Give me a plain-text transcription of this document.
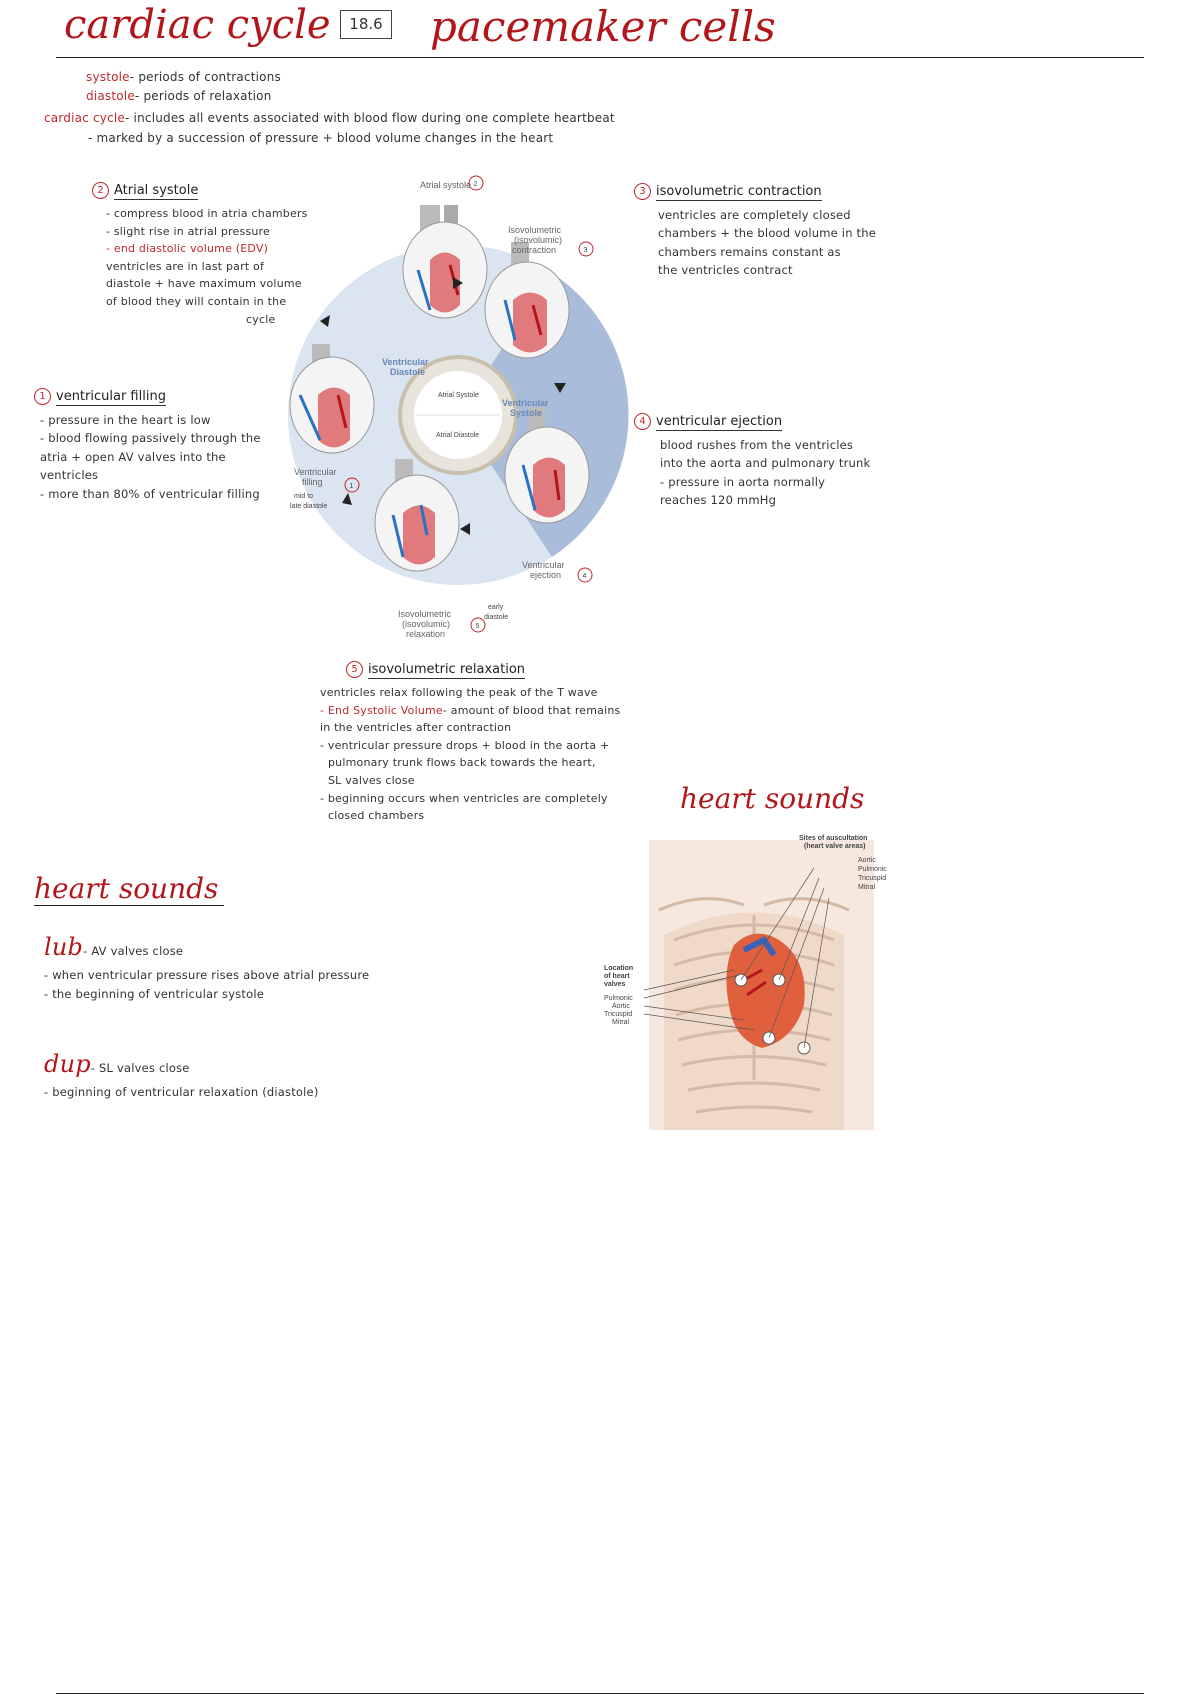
cardiac cycle	18.6 pacemaker cells
systole- periods of contractions
diastole- periods of relaxation
cardiac cycle- includes all events associated with blood flow during one complete heartbeat
- marked by a succession of pressure + blood volume changes in the heart
2 Atrial systole
- compress blood in atria chambers
- slight rise in atrial pressure
- end diastolic volume (EDV)
ventricles are in last part of
diastole + have maximum volume
of blood they will contain in the
cycle
3 isovolumetric contraction
ventricles are completely closed
chambers + the blood volume in the
chambers remains constant as
the ventricles contract
1 ventricular filling
- pressure in the heart is low
- blood flowing passively through the
atria + open AV valves into the
ventricles
- more than 80% of ventricular filling
4 ventricular ejection
blood rushes from the ventricles
into the aorta and pulmonary trunk
- pressure in aorta normally
reaches 120 mmHg
Atrial systole 2
Isovolumetric
(isovolumic)
contraction	3
Ventricular
Diastole
Ventricular
Systole
Atrial Systole
Atrial Diastole
Ventricular
filling	1
mid to
late diastole
Ventricular
ejection	4
Isovolumetric
(isovolumic)
relaxation
5
early
diastole
5 isovolumetric relaxation
ventricles relax following the peak of the T wave
- End Systolic Volume- amount of blood that remains
in the ventricles after contraction
- ventricular pressure drops + blood in the aorta +
pulmonary trunk flows back towards the heart,
SL valves close
- beginning occurs when ventricles are completely
closed chambers
heart sounds
Sites of auscultation
(heart valve areas)
Aortic
Pulmonic
Tricuspid
Mitral
Location
of heart
valves
Pulmonic
Aortic
Tricuspid
Mitral
heart sounds
lub- AV valves close
- when ventricular pressure rises above atrial pressure
- the beginning of ventricular systole
dup- SL valves close
- beginning of ventricular relaxation (diastole)
